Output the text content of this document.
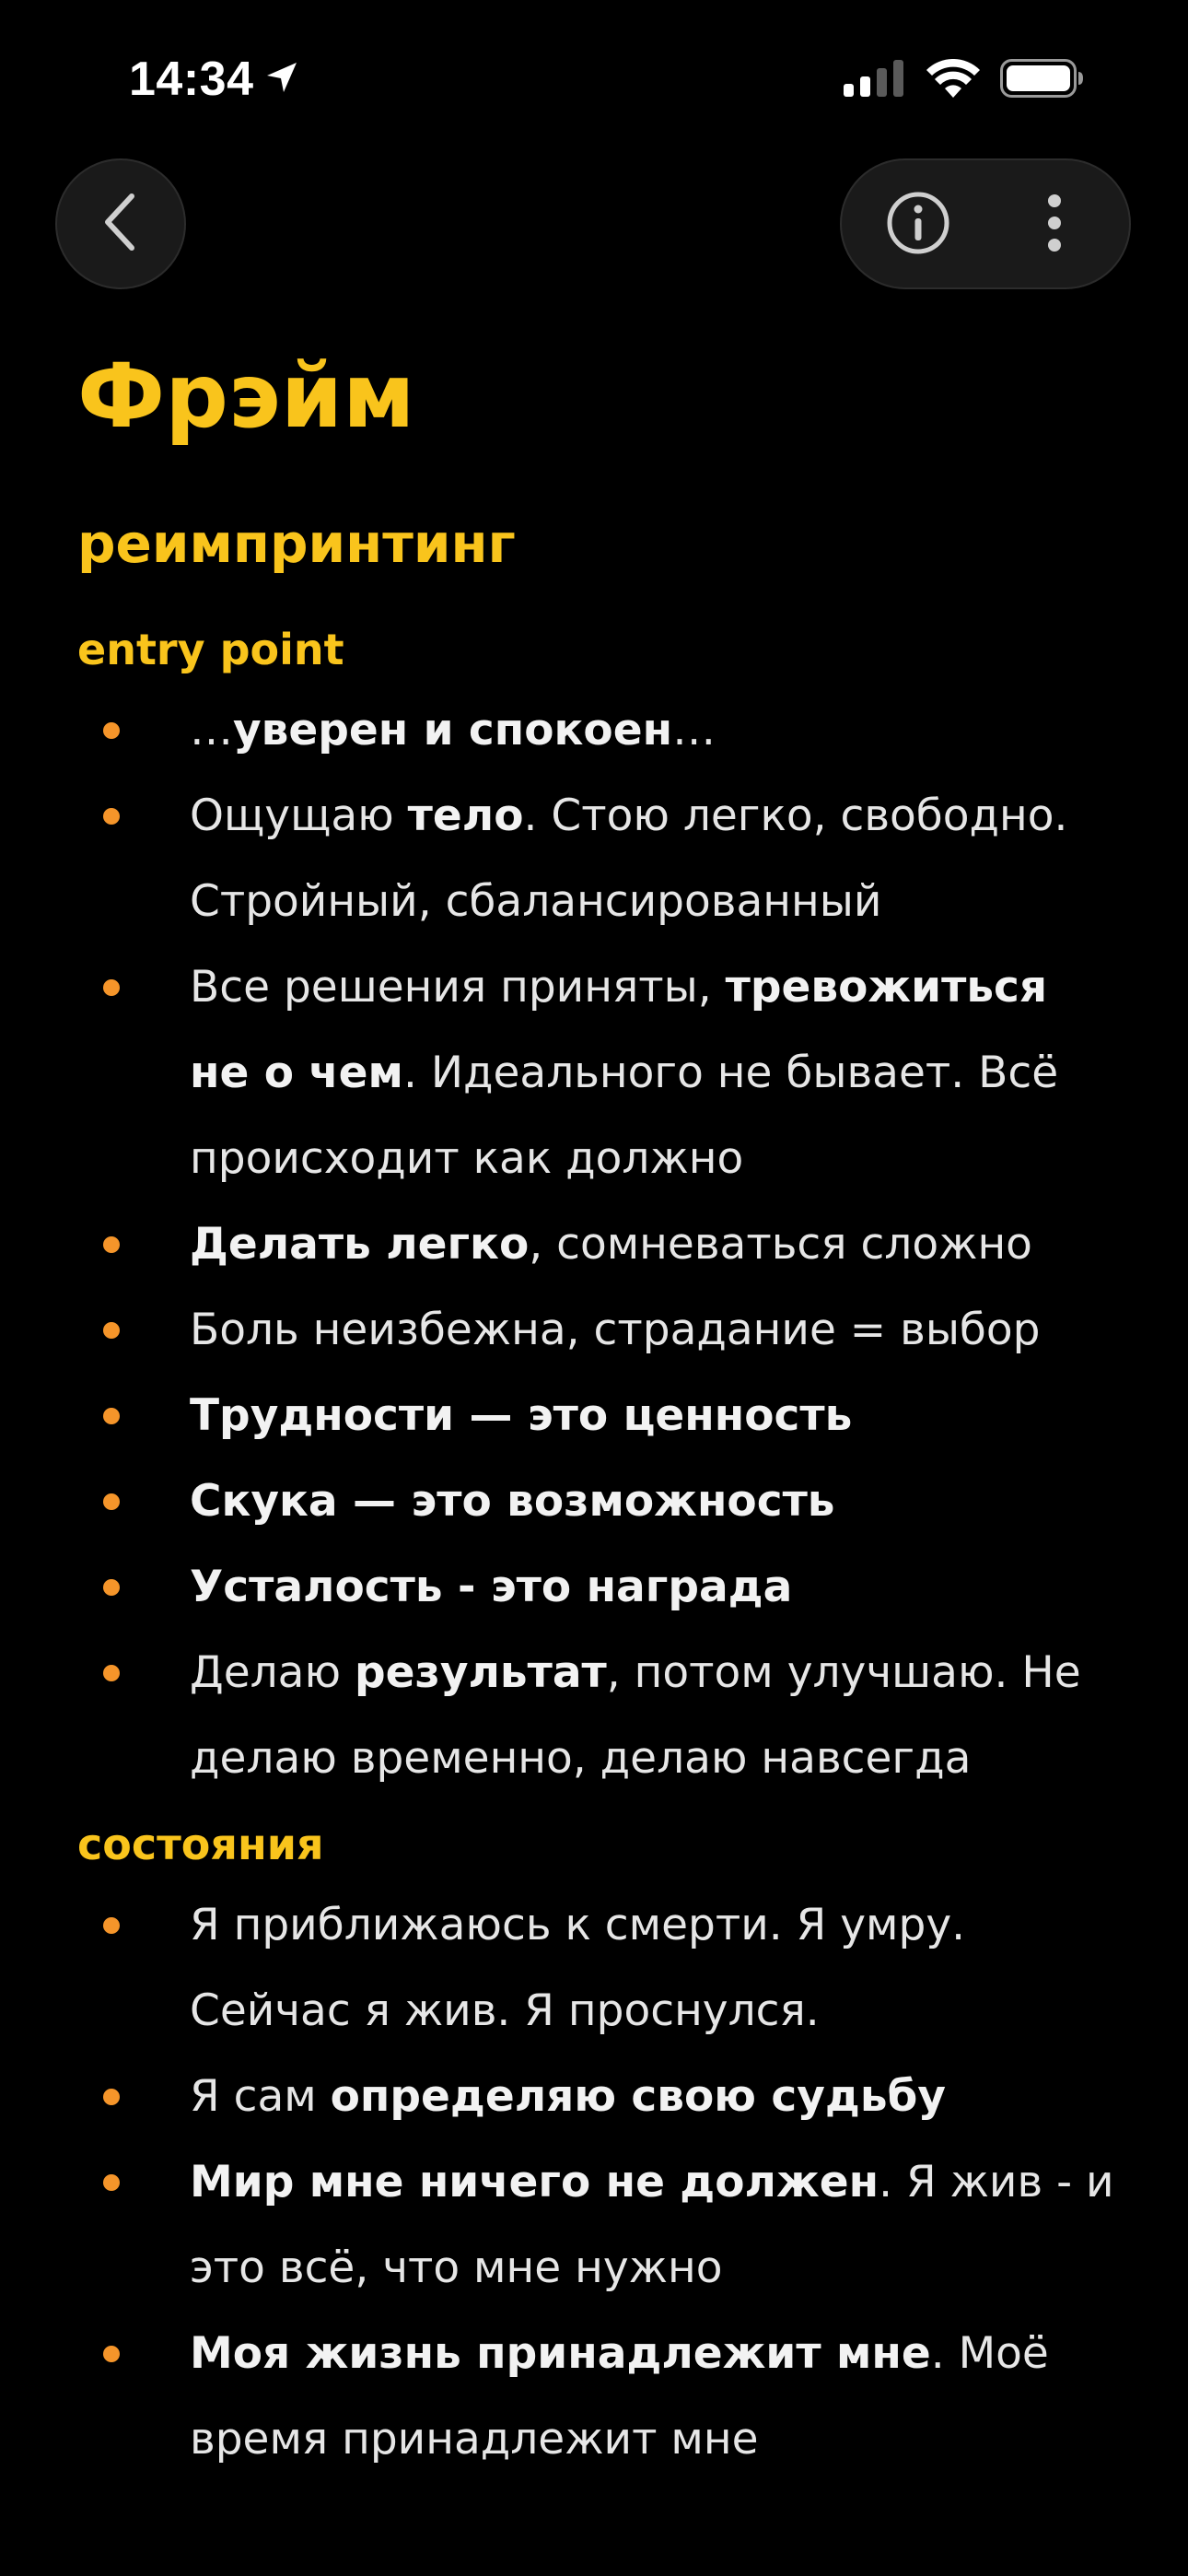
14:34
Фрэйм
реимпринтинг
entry point
…уверен и спокоен…
Ощущаю тело. Стою легко, свободно. Стройный, сбалансированный
Все решения приняты, тревожиться не о чем. Идеального не бывает. Всё происходит как должно
Делать легко, сомневаться сложно
Боль неизбежна, страдание = выбор
Трудности — это ценность
Скука — это возможность
Усталость - это награда
Делаю результат, потом улучшаю. Не делаю временно, делаю навсегда
состояния
Я приближаюсь к смерти. Я умру. Сейчас я жив. Я проснулся.
Я сам определяю свою судьбу
Мир мне ничего не должен. Я жив - и это всё, что мне нужно
Моя жизнь принадлежит мне. Моё время принадлежит мне
